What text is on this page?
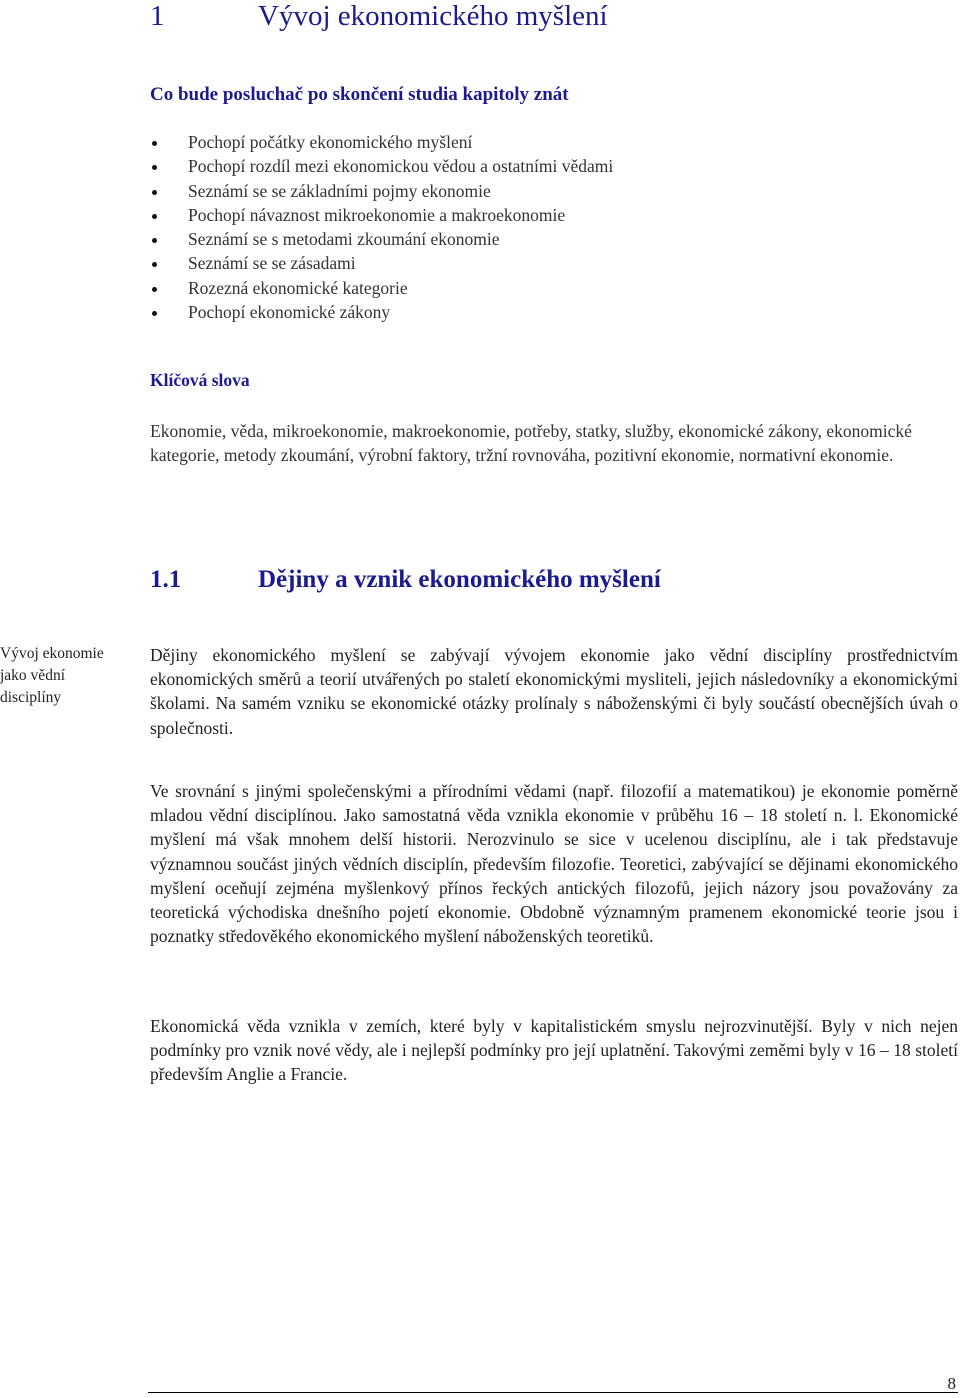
1	Vývoj ekonomického myšlení
Co bude posluchač po skončení studia kapitoly znát
Pochopí počátky ekonomického myšlení
Pochopí rozdíl mezi ekonomickou vědou a ostatními vědami
Seznámí se se základními pojmy ekonomie
Pochopí návaznost mikroekonomie a makroekonomie
Seznámí se s metodami zkoumání ekonomie
Seznámí se se zásadami
Rozezná ekonomické kategorie
Pochopí ekonomické zákony
Klíčová slova

Ekonomie, věda, mikroekonomie, makroekonomie, potřeby, statky, služby, ekonomické zákony, ekonomické kategorie, metody zkoumání, výrobní faktory, tržní rovnováha, pozitivní ekonomie, normativní ekonomie.

1.1	Dějiny a vznik ekonomického myšlení

Vývoj ekonomie jako vědní disciplíny

Dějiny ekonomického myšlení se zabývají vývojem ekonomie jako vědní disciplíny prostřednictvím ekonomických směrů a teorií utvářených po staletí ekonomickými mysliteli, jejich následovníky a ekonomickými školami. Na samém vzniku se ekonomické otázky prolínaly s náboženskými či byly součástí obecnějších úvah o společnosti.

Ve srovnání s jinými společenskými a přírodními vědami (např. filozofií a matematikou) je ekonomie poměrně mladou vědní disciplínou. Jako samostatná věda vznikla ekonomie v průběhu 16 – 18 století n. l. Ekonomické myšlení má však mnohem delší historii. Nerozvinulo se sice v ucelenou disciplínu, ale i tak představuje významnou součást jiných vědních disciplín, především filozofie. Teoretici, zabývající se dějinami ekonomického myšlení oceňují zejména myšlenkový přínos řeckých antických filozofů, jejich názory jsou považovány za teoretická východiska dnešního pojetí ekonomie. Obdobně významným pramenem ekonomické teorie jsou i poznatky středověkého ekonomického myšlení náboženských teoretiků.

Ekonomická věda vznikla v zemích, které byly v kapitalistickém smyslu nejrozvinutější. Byly v nich nejen podmínky pro vznik nové vědy, ale i nejlepší podmínky pro její uplatnění. Takovými zeměmi byly v 16 – 18 století především Anglie a Francie.

8
